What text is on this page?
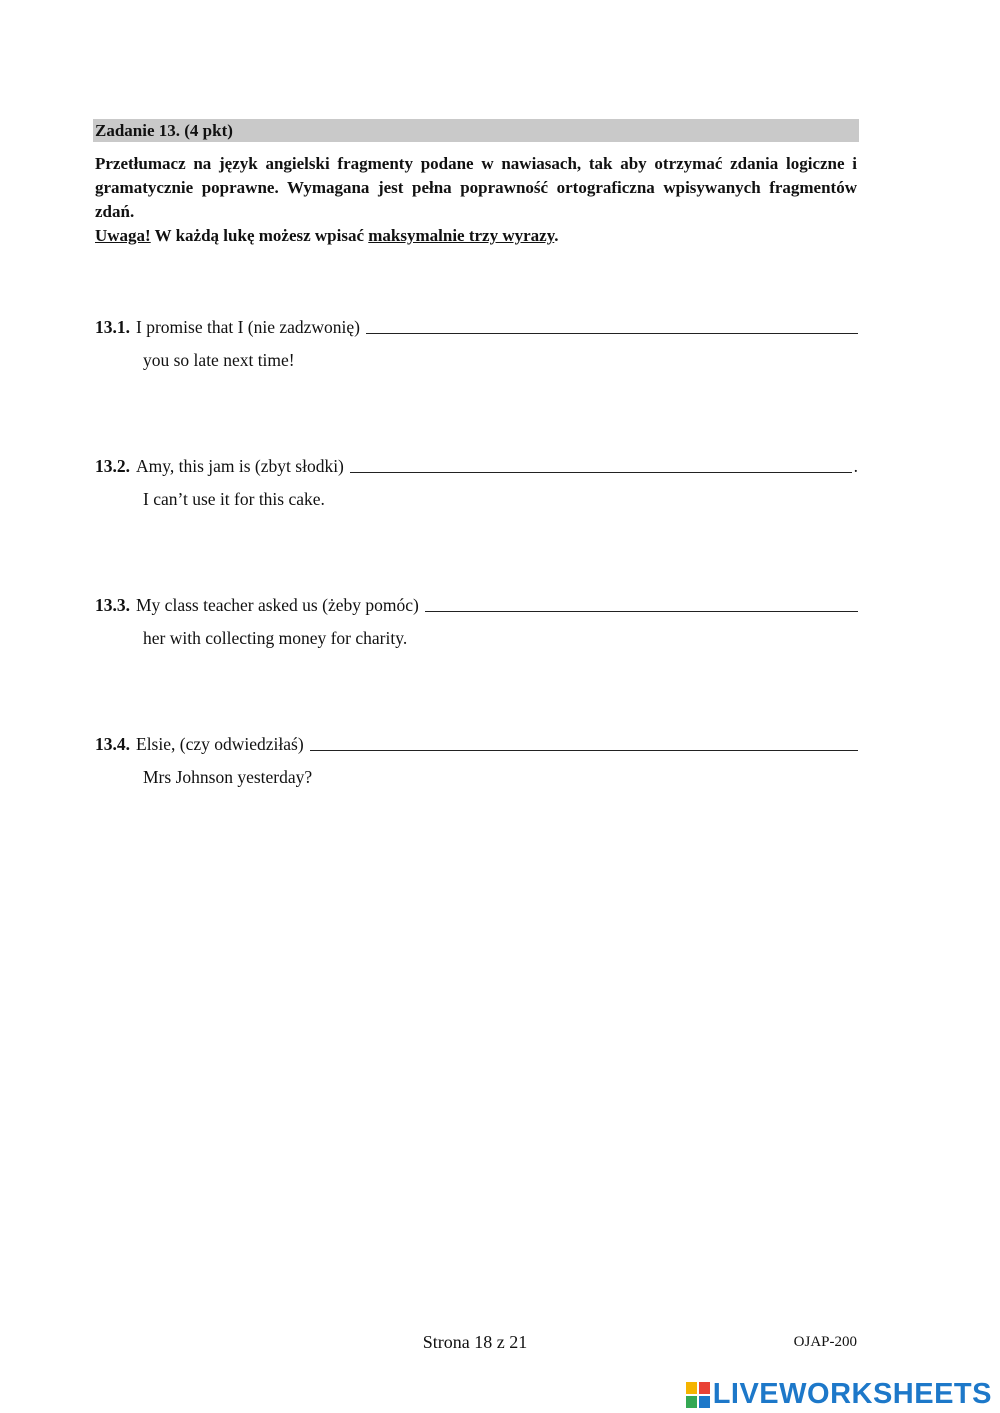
Zadanie 13. (4 pkt)

Przetłumacz na język angielski fragmenty podane w nawiasach, tak aby otrzymać zdania logiczne i gramatycznie poprawne. Wymagana jest pełna poprawność ortograficzna wpisywanych fragmentów zdań.

Uwaga! W każdą lukę możesz wpisać maksymalnie trzy wyrazy.

13.1. I promise that I (nie zadzwonię)
you so late next time!
13.2. Amy, this jam is (zbyt słodki)	.
I can’t use it for this cake.
13.3. My class teacher asked us (żeby pomóc)
her with collecting money for charity.
13.4. Elsie, (czy odwiedziłaś)
Mrs Johnson yesterday?
Strona 18 z 21	OJAP-200
LIVEWORKSHEETS
